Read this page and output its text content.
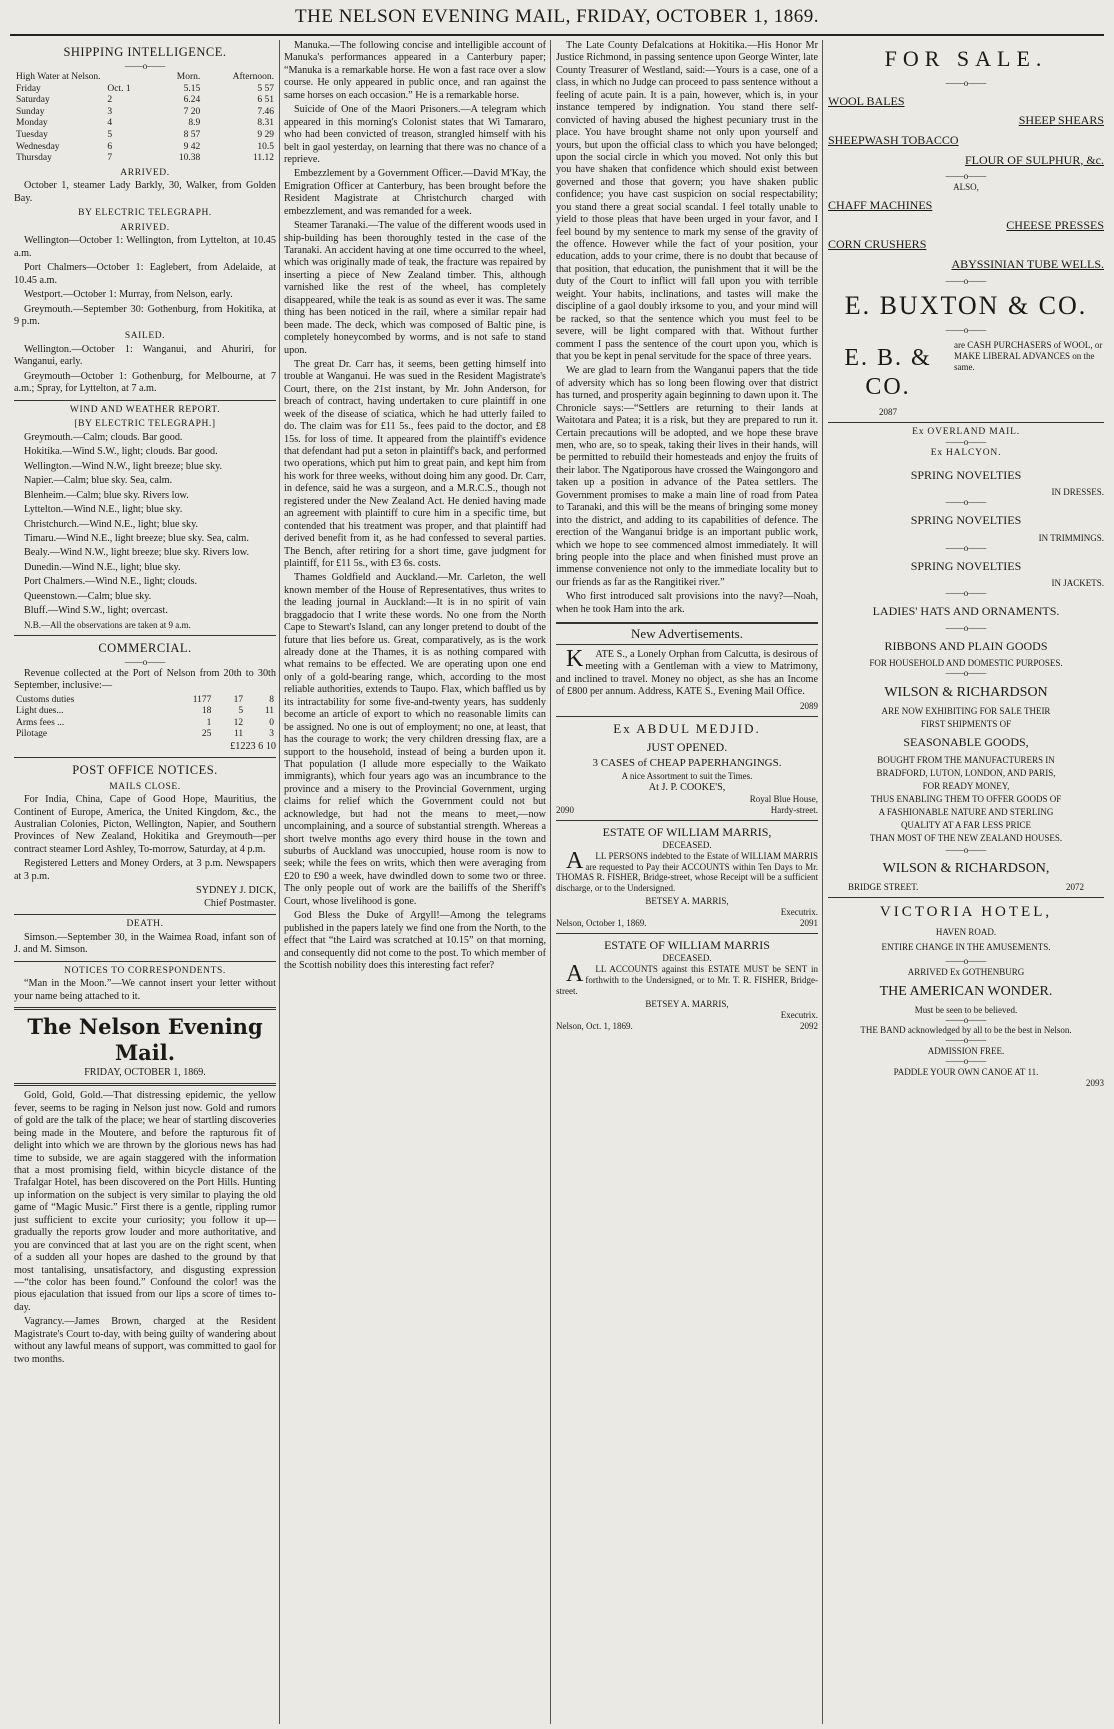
THE NELSON EVENING MAIL, FRIDAY, OCTOBER 1, 1869.
SHIPPING INTELLIGENCE.
——o——
High Water at Nelson.		Morn.	Afternoon.
Friday	Oct. 1	5.15	5 57
Saturday	2	6.24	6 51
Sunday	3	7 20	7.46
Monday	4	8.9	8.31
Tuesday	5	8 57	9 29
Wednesday	6	9 42	10.5
Thursday	7	10.38	11.12
ARRIVED.

October 1, steamer Lady Barkly, 30, Walker, from Golden Bay.

BY ELECTRIC TELEGRAPH.
ARRIVED.

Wellington—October 1: Wellington, from Lyttelton, at 10.45 a.m.

Port Chalmers—October 1: Eaglebert, from Adelaide, at 10.45 a.m.

Westport.—October 1: Murray, from Nelson, early.

Greymouth.—September 30: Gothenburg, from Hokitika, at 9 p.m.

SAILED.

Wellington.—October 1: Wanganui, and Ahuriri, for Wanganui, early.

Greymouth—October 1: Gothenburg, for Melbourne, at 7 a.m.; Spray, for Lyttelton, at 7 a.m.

WIND AND WEATHER REPORT.
[BY ELECTRIC TELEGRAPH.]

Greymouth.—Calm; clouds. Bar good.

Hokitika.—Wind S.W., light; clouds. Bar good.

Wellington.—Wind N.W., light breeze; blue sky.

Napier.—Calm; blue sky. Sea, calm.

Blenheim.—Calm; blue sky. Rivers low.

Lyttelton.—Wind N.E., light; blue sky.

Christchurch.—Wind N.E., light; blue sky.

Timaru.—Wind N.E., light breeze; blue sky. Sea, calm.

Bealy.—Wind N.W., light breeze; blue sky. Rivers low.

Dunedin.—Wind N.E., light; blue sky.

Port Chalmers.—Wind N.E., light; clouds.

Queenstown.—Calm; blue sky.

Bluff.—Wind S.W., light; overcast.

N.B.—All the observations are taken at 9 a.m.

COMMERCIAL.
——o——

Revenue collected at the Port of Nelson from 20th to 30th September, inclusive:—

Customs duties	1177	17	8
Light dues...	18	5	11
Arms fees ...	1	12	0
Pilotage	25	11	3
£1223 6 10
POST OFFICE NOTICES.
MAILS CLOSE.

For India, China, Cape of Good Hope, Mauritius, the Continent of Europe, America, the United Kingdom, &c., the Australian Colonies, Picton, Wellington, Napier, and Southern Provinces of New Zealand, Hokitika and Greymouth—per contract steamer Lord Ashley, To-morrow, Saturday, at 4 p.m.

Registered Letters and Money Orders, at 3 p.m. Newspapers at 3 p.m.

SYDNEY J. DICK,
Chief Postmaster.
DEATH.

Simson.—September 30, in the Waimea Road, infant son of J. and M. Simson.

NOTICES TO CORRESPONDENTS.

“Man in the Moon.”—We cannot insert your letter without your name being attached to it.

The Nelson Evening Mail.
FRIDAY, OCTOBER 1, 1869.

Gold, Gold, Gold.—That distressing epidemic, the yellow fever, seems to be raging in Nelson just now. Gold and rumors of gold are the talk of the place; we hear of startling discoveries being made in the Moutere, and before the rapturous fit of delight into which we are thrown by the glorious news has had time to subside, we are again staggered with the information that a most promising field, within bicycle distance of the Trafalgar Hotel, has been discovered on the Port Hills. Hunting up information on the subject is very similar to playing the old game of “Magic Music.” First there is a gentle, rippling rumor just sufficient to excite your curiosity; you follow it up—gradually the reports grow louder and more authoritative, and you are convinced that at last you are on the right scent, when of a sudden all your hopes are dashed to the ground by that most tantalising, unsatisfactory, and disgusting expression—“the color has been found.” Confound the color! was the pious ejaculation that issued from our lips a score of times to-day.

Vagrancy.—James Brown, charged at the Resident Magistrate's Court to-day, with being guilty of wandering about without any lawful means of support, was committed to gaol for two months.

Manuka.—The following concise and intelligible account of Manuka's performances appeared in a Canterbury paper; “Manuka is a remarkable horse. He won a fast race over a slow course. He only appeared in public once, and ran against the same horses on each occasion.” He is a remarkable horse.

Suicide of One of the Maori Prisoners.—A telegram which appeared in this morning's Colonist states that Wi Tamararo, who had been convicted of treason, strangled himself with his belt in gaol yesterday, on learning that there was no chance of a reprieve.

Embezzlement by a Government Officer.—David M'Kay, the Emigration Officer at Canterbury, has been brought before the Resident Magistrate at Christchurch charged with embezzlement, and was remanded for a week.

Steamer Taranaki.—The value of the different woods used in ship-building has been thoroughly tested in the case of the Taranaki. An accident having at one time occurred to the wheel, which was originally made of teak, the fracture was repaired by inserting a piece of New Zealand timber. This, although varnished like the rest of the wheel, has completely disappeared, while the teak is as sound as ever it was. The same thing has been noticed in the rail, where a similar repair had been made. The deck, which was composed of Baltic pine, is completely honeycombed by worms, and is not safe to stand upon.

The great Dr. Carr has, it seems, been getting himself into trouble at Wanganui. He was sued in the Resident Magistrate's Court, there, on the 21st instant, by Mr. John Anderson, for breach of contract, having undertaken to cure plaintiff in one week of the disease of sciatica, which he had utterly failed to do. The claim was for £11 5s., fees paid to the doctor, and £8 15s. for loss of time. It appeared from the plaintiff's evidence that defendant had put a seton in plaintiff's back, and performed two operations, which put him to great pain, and kept him from his work for three weeks, without doing him any good. Dr. Carr, in defence, said he was a surgeon, and a M.R.C.S., though not registered under the New Zealand Act. He denied having made an agreement with plaintiff to cure him in a specific time, but contended that his treatment was proper, and that plaintiff had derived benefit from it, as he had confessed to several parties. The Bench, after retiring for a short time, gave judgment for plaintiff, for £11 5s., with £3 6s. costs.

Thames Goldfield and Auckland.—Mr. Carleton, the well known member of the House of Representatives, thus writes to the leading journal in Auckland:—It is in no spirit of vain braggadocio that I write these words. No one from the North Cape to Stewart's Island, can any longer pretend to doubt of the future that lies before us. Great, comparatively, as is the work already done at the Thames, it is as nothing compared with what remains to be effected. We are operating upon one end only of a gold-bearing range, which, according to the most reliable authorities, extends to Taupo. Flax, which baffled us by its intractability for some five-and-twenty years, has suddenly become an article of export to which no reasonable limits can be assigned. No one is out of employment; no one, at least, that has the courage to work; the very children dressing flax, are a support to the household, instead of being a burden upon it. That population (I allude more especially to the Waikato immigrants), which four years ago was an incumbrance to the province and a misery to the Provincial Government, urging claims for relief which the Government could not but acknowledge, but had not the means to meet,—now uncomplaining, and a source of substantial strength. Whereas a short twelve months ago every third house in the town and suburbs of Auckland was unoccupied, house room is now to seek; while the fees on writs, which then were averaging from £20 to £90 a week, have dwindled down to some two or three. The only people out of work are the bailiffs of the Sheriff's Court, whose livelihood is gone.

God Bless the Duke of Argyll!—Among the telegrams published in the papers lately we find one from the North, to the effect that “the Laird was scratched at 10.15” on that morning, and consequently did not come to the post. To which member of the Scottish nobility does this interesting fact refer?

The Late County Defalcations at Hokitika.—His Honor Mr Justice Richmond, in passing sentence upon George Winter, late County Treasurer of Westland, said:—Yours is a case, one of a class, in which no Judge can proceed to pass sentence without a feeling of acute pain. It is a pain, however, which is, in your instance tempered by indignation. You stand there self-convicted of having abused the highest pecuniary trust in the place. You have brought shame not only upon yourself and yours, but upon the official class to which you have belonged; upon the social circle in which you moved. Not only this but you have shaken that confidence which should exist between governed and those that govern; you have shaken public confidence; you have cast suspicion on social respectability; you stand there a great social scandal. I feel totally unable to yield to those pleas that have been urged in your favor, and I feel bound by my sentence to mark my sense of the gravity of the offence. However while the fact of your position, your education, adds to your crime, there is no doubt that because of that position, that education, the punishment that it will be the duty of the Court to inflict will fall upon you with terrible weight. Your habits, inclinations, and tastes will make the discipline of a gaol doubly irksome to you, and your mind will be racked, so that the sentence which you must feel to be severe, will be light compared with that. Without further comment I pass the sentence of the court upon you, which is that you be kept in penal servitude for the space of three years.

We are glad to learn from the Wanganui papers that the tide of adversity which has so long been flowing over that district has turned, and prosperity again beginning to dawn upon it. The Chronicle says:—“Settlers are returning to their lands at Waitotara and Patea; it is a risk, but they are prepared to run it. Certain precautions will be adopted, and we hope these brave men, who are, so to speak, taking their lives in their hands, will be permitted to rebuild their homesteads and enjoy the fruits of their labor. The Ngatiporous have crossed the Waingongoro and taken up a position in advance of the Patea settlers. The Government promises to make a main line of road from Patea to Taranaki, and this will be the means of bringing some money into the district, and adding to its capabilities of defence. The erection of the Wanganui bridge is an important public work, which we hope to see commenced almost immediately. It will bring people into the place and when finished must prove an immense convenience not only to the immediate locality but to our friends as far as the Rangitikei river.”

Who first introduced salt provisions into the navy?—Noah, when he took Ham into the ark.

New Advertisements.

KATE S., a Lonely Orphan from Calcutta, is desirous of meeting with a Gentleman with a view to Matrimony, and inclined to travel. Money no object, as she has an Income of £800 per annum. Address, KATE S., Evening Mail Office.

2089
Ex ABDUL MEDJID.
JUST OPENED.
3 CASES of CHEAP PAPERHANGINGS.
A nice Assortment to suit the Times.
At J. P. COOKE'S,
Royal Blue House,
2090	Hardy-street.
ESTATE OF WILLIAM MARRIS,
DECEASED.

ALL PERSONS indebted to the Estate of WILLIAM MARRIS are requested to Pay their ACCOUNTS within Ten Days to Mr. THOMAS R. FISHER, Bridge-street, whose Receipt will be a sufficient discharge, or to the Undersigned.

BETSEY A. MARRIS,
Executrix.
Nelson, October 1, 1869.	2091
ESTATE OF WILLIAM MARRIS
DECEASED.

ALL ACCOUNTS against this ESTATE MUST be SENT in forthwith to the Undersigned, or to Mr. T. R. FISHER, Bridge-street.

BETSEY A. MARRIS,
Executrix.
Nelson, Oct. 1, 1869.	2092
FOR SALE.
——o——
WOOL BALES
SHEEP SHEARS
SHEEPWASH TOBACCO
FLOUR OF SULPHUR, &c.
——o——
ALSO,
CHAFF MACHINES
CHEESE PRESSES
CORN CRUSHERS
ABYSSINIAN TUBE WELLS.
——o——
E. BUXTON & CO.
——o——
E. B. & CO.
2087
are CASH PURCHASERS of WOOL, or MAKE LIBERAL ADVANCES on the same.
Ex OVERLAND MAIL.
——o——
Ex HALCYON.
SPRING NOVELTIES
IN DRESSES.
——o——
SPRING NOVELTIES
IN TRIMMINGS.
——o——
SPRING NOVELTIES
IN JACKETS.
——o——
LADIES' HATS AND ORNAMENTS.
——o——
RIBBONS AND PLAIN GOODS
FOR HOUSEHOLD AND DOMESTIC PURPOSES.
——o——
WILSON & RICHARDSON
ARE NOW EXHIBITING FOR SALE THEIR
FIRST SHIPMENTS OF
SEASONABLE GOODS,
BOUGHT FROM THE MANUFACTURERS IN
BRADFORD, LUTON, LONDON, AND PARIS,
FOR READY MONEY,
THUS ENABLING THEM TO OFFER GOODS OF
A FASHIONABLE NATURE AND STERLING
QUALITY AT A FAR LESS PRICE
THAN MOST OF THE NEW ZEALAND HOUSES.
——o——
WILSON & RICHARDSON,
BRIDGE STREET.	2072
VICTORIA HOTEL,
HAVEN ROAD.
ENTIRE CHANGE IN THE AMUSEMENTS.
——o——
ARRIVED Ex GOTHENBURG
THE AMERICAN WONDER.
Must be seen to be believed.
——o——
THE BAND acknowledged by all to be the best in Nelson.
——o——
ADMISSION FREE.
——o——
PADDLE YOUR OWN CANOE AT 11.
2093
